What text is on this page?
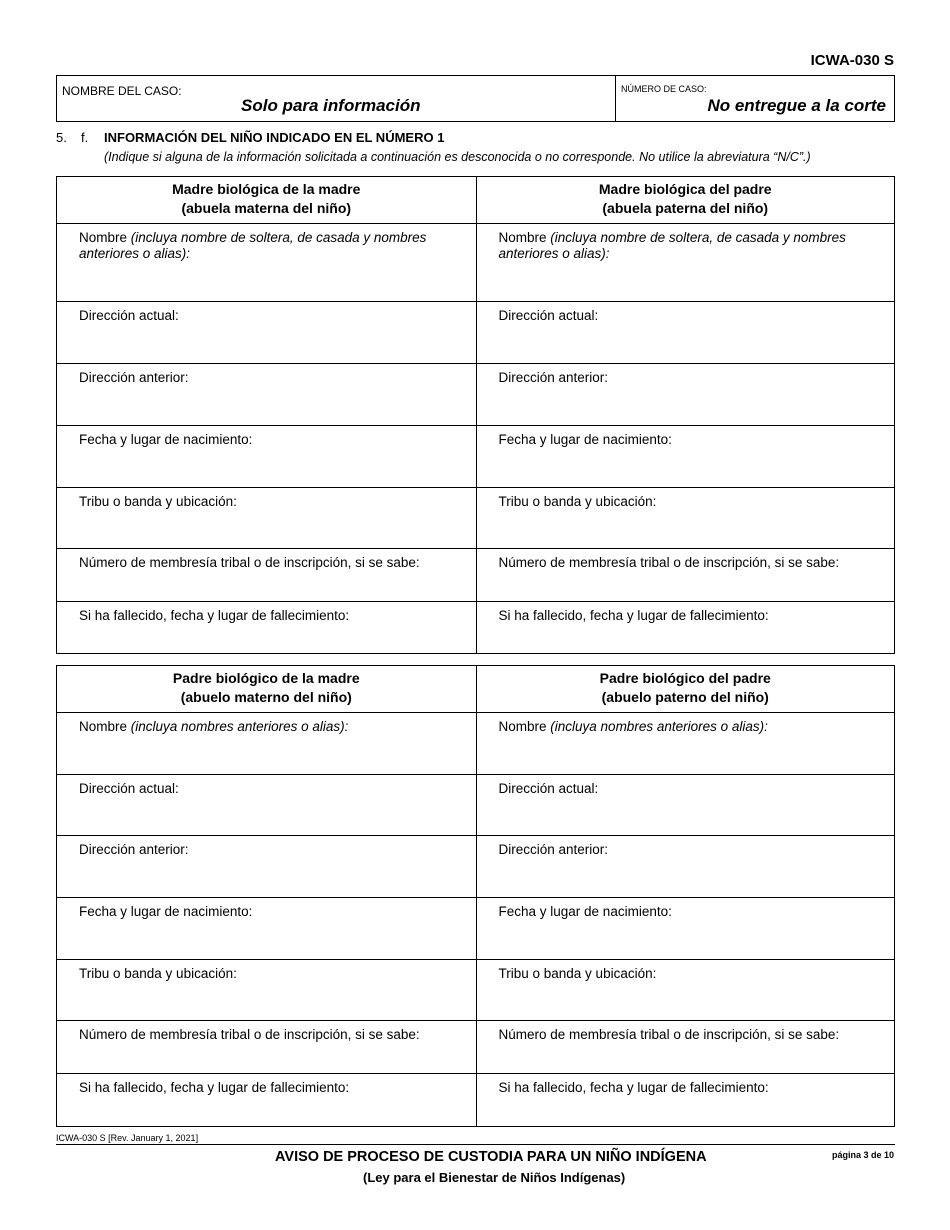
ICWA-030 S
NOMBRE DEL CASO:
Solo para información
NÚMERO DE CASO:
No entregue a la corte
5. f. INFORMACIÓN DEL NIÑO INDICADO EN EL NÚMERO 1
(Indique si alguna de la información solicitada a continuación es desconocida o no corresponde. No utilice la abreviatura “N/C”.)
Madre biológica de la madre
(abuela materna del niño)
Nombre (incluya nombre de soltera, de casada y nombres anteriores o alias):
Dirección actual:
Dirección anterior:
Fecha y lugar de nacimiento:
Tribu o banda y ubicación:
Número de membresía tribal o de inscripción, si se sabe:
Si ha fallecido, fecha y lugar de fallecimiento:
Madre biológica del padre
(abuela paterna del niño)
Nombre (incluya nombre de soltera, de casada y nombres anteriores o alias):
Dirección actual:
Dirección anterior:
Fecha y lugar de nacimiento:
Tribu o banda y ubicación:
Número de membresía tribal o de inscripción, si se sabe:
Si ha fallecido, fecha y lugar de fallecimiento:
Padre biológico de la madre
(abuelo materno del niño)
Nombre (incluya nombres anteriores o alias):
Dirección actual:
Dirección anterior:
Fecha y lugar de nacimiento:
Tribu o banda y ubicación:
Número de membresía tribal o de inscripción, si se sabe:
Si ha fallecido, fecha y lugar de fallecimiento:
Padre biológico del padre
(abuelo paterno del niño)
Nombre (incluya nombres anteriores o alias):
Dirección actual:
Dirección anterior:
Fecha y lugar de nacimiento:
Tribu o banda y ubicación:
Número de membresía tribal o de inscripción, si se sabe:
Si ha fallecido, fecha y lugar de fallecimiento:
ICWA-030 S [Rev. January 1, 2021]
AVISO DE PROCESO DE CUSTODIA PARA UN NIÑO INDÍGENA
(Ley para el Bienestar de Niños Indígenas)
página 3 de 10
